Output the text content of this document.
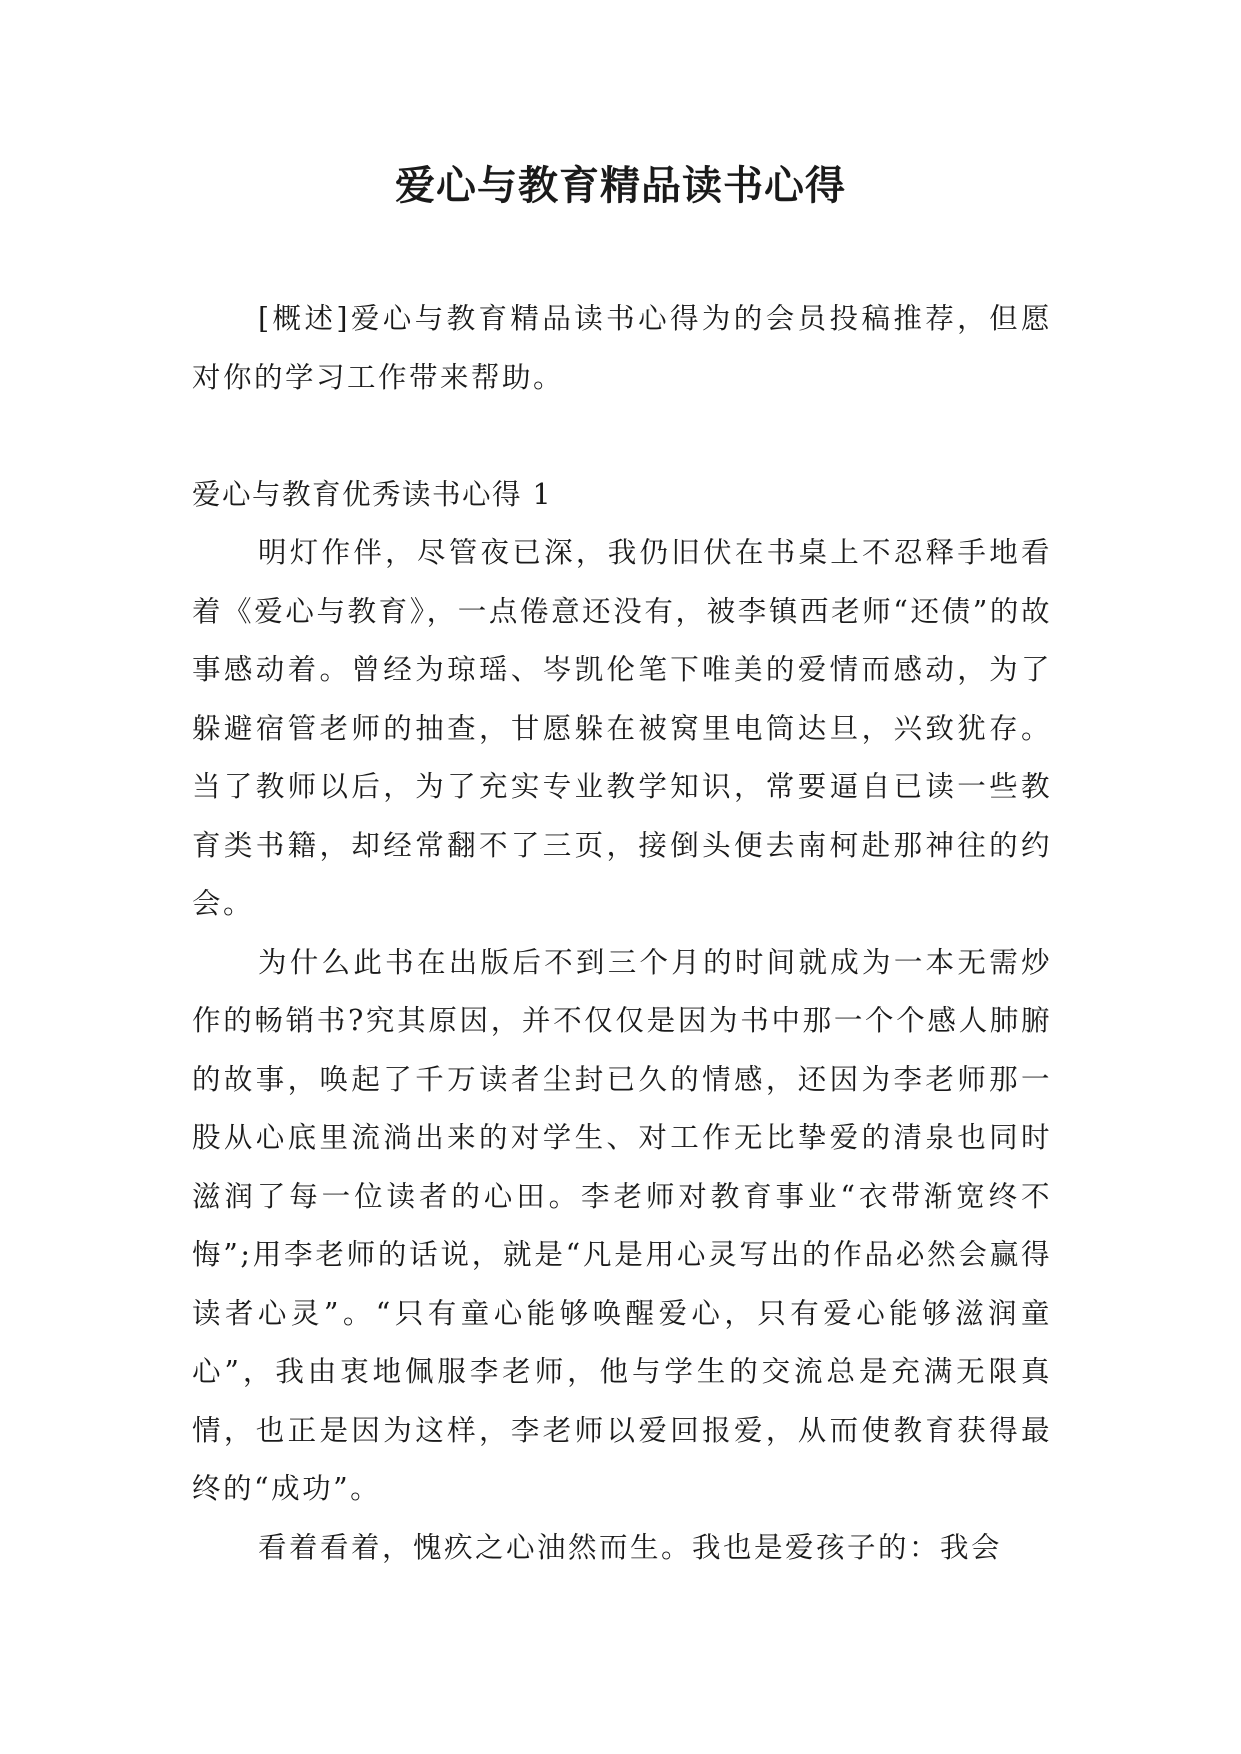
爱心与教育精品读书心得

[概述]爱心与教育精品读书心得为的会员投稿推荐，但愿对你的学习工作带来帮助。

爱心与教育优秀读书心得 1

明灯作伴，尽管夜已深，我仍旧伏在书桌上不忍释手地看着《爱心与教育》，一点倦意还没有，被李镇西老师“还债”的故事感动着。曾经为琼瑶、岑凯伦笔下唯美的爱情而感动，为了躲避宿管老师的抽查，甘愿躲在被窝里电筒达旦，兴致犹存。当了教师以后，为了充实专业教学知识，常要逼自已读一些教育类书籍，却经常翻不了三页，接倒头便去南柯赴那神往的约会。

为什么此书在出版后不到三个月的时间就成为一本无需炒作的畅销书?究其原因，并不仅仅是因为书中那一个个感人肺腑的故事，唤起了千万读者尘封已久的情感，还因为李老师那一股从心底里流淌出来的对学生、对工作无比挚爱的清泉也同时滋润了每一位读者的心田。李老师对教育事业“衣带渐宽终不悔”;用李老师的话说，就是“凡是用心灵写出的作品必然会赢得读者心灵”。“只有童心能够唤醒爱心，只有爱心能够滋润童心”，我由衷地佩服李老师，他与学生的交流总是充满无限真情，也正是因为这样，李老师以爱回报爱，从而使教育获得最终的“成功”。

看着看着，愧疚之心油然而生。我也是爱孩子的：我会
